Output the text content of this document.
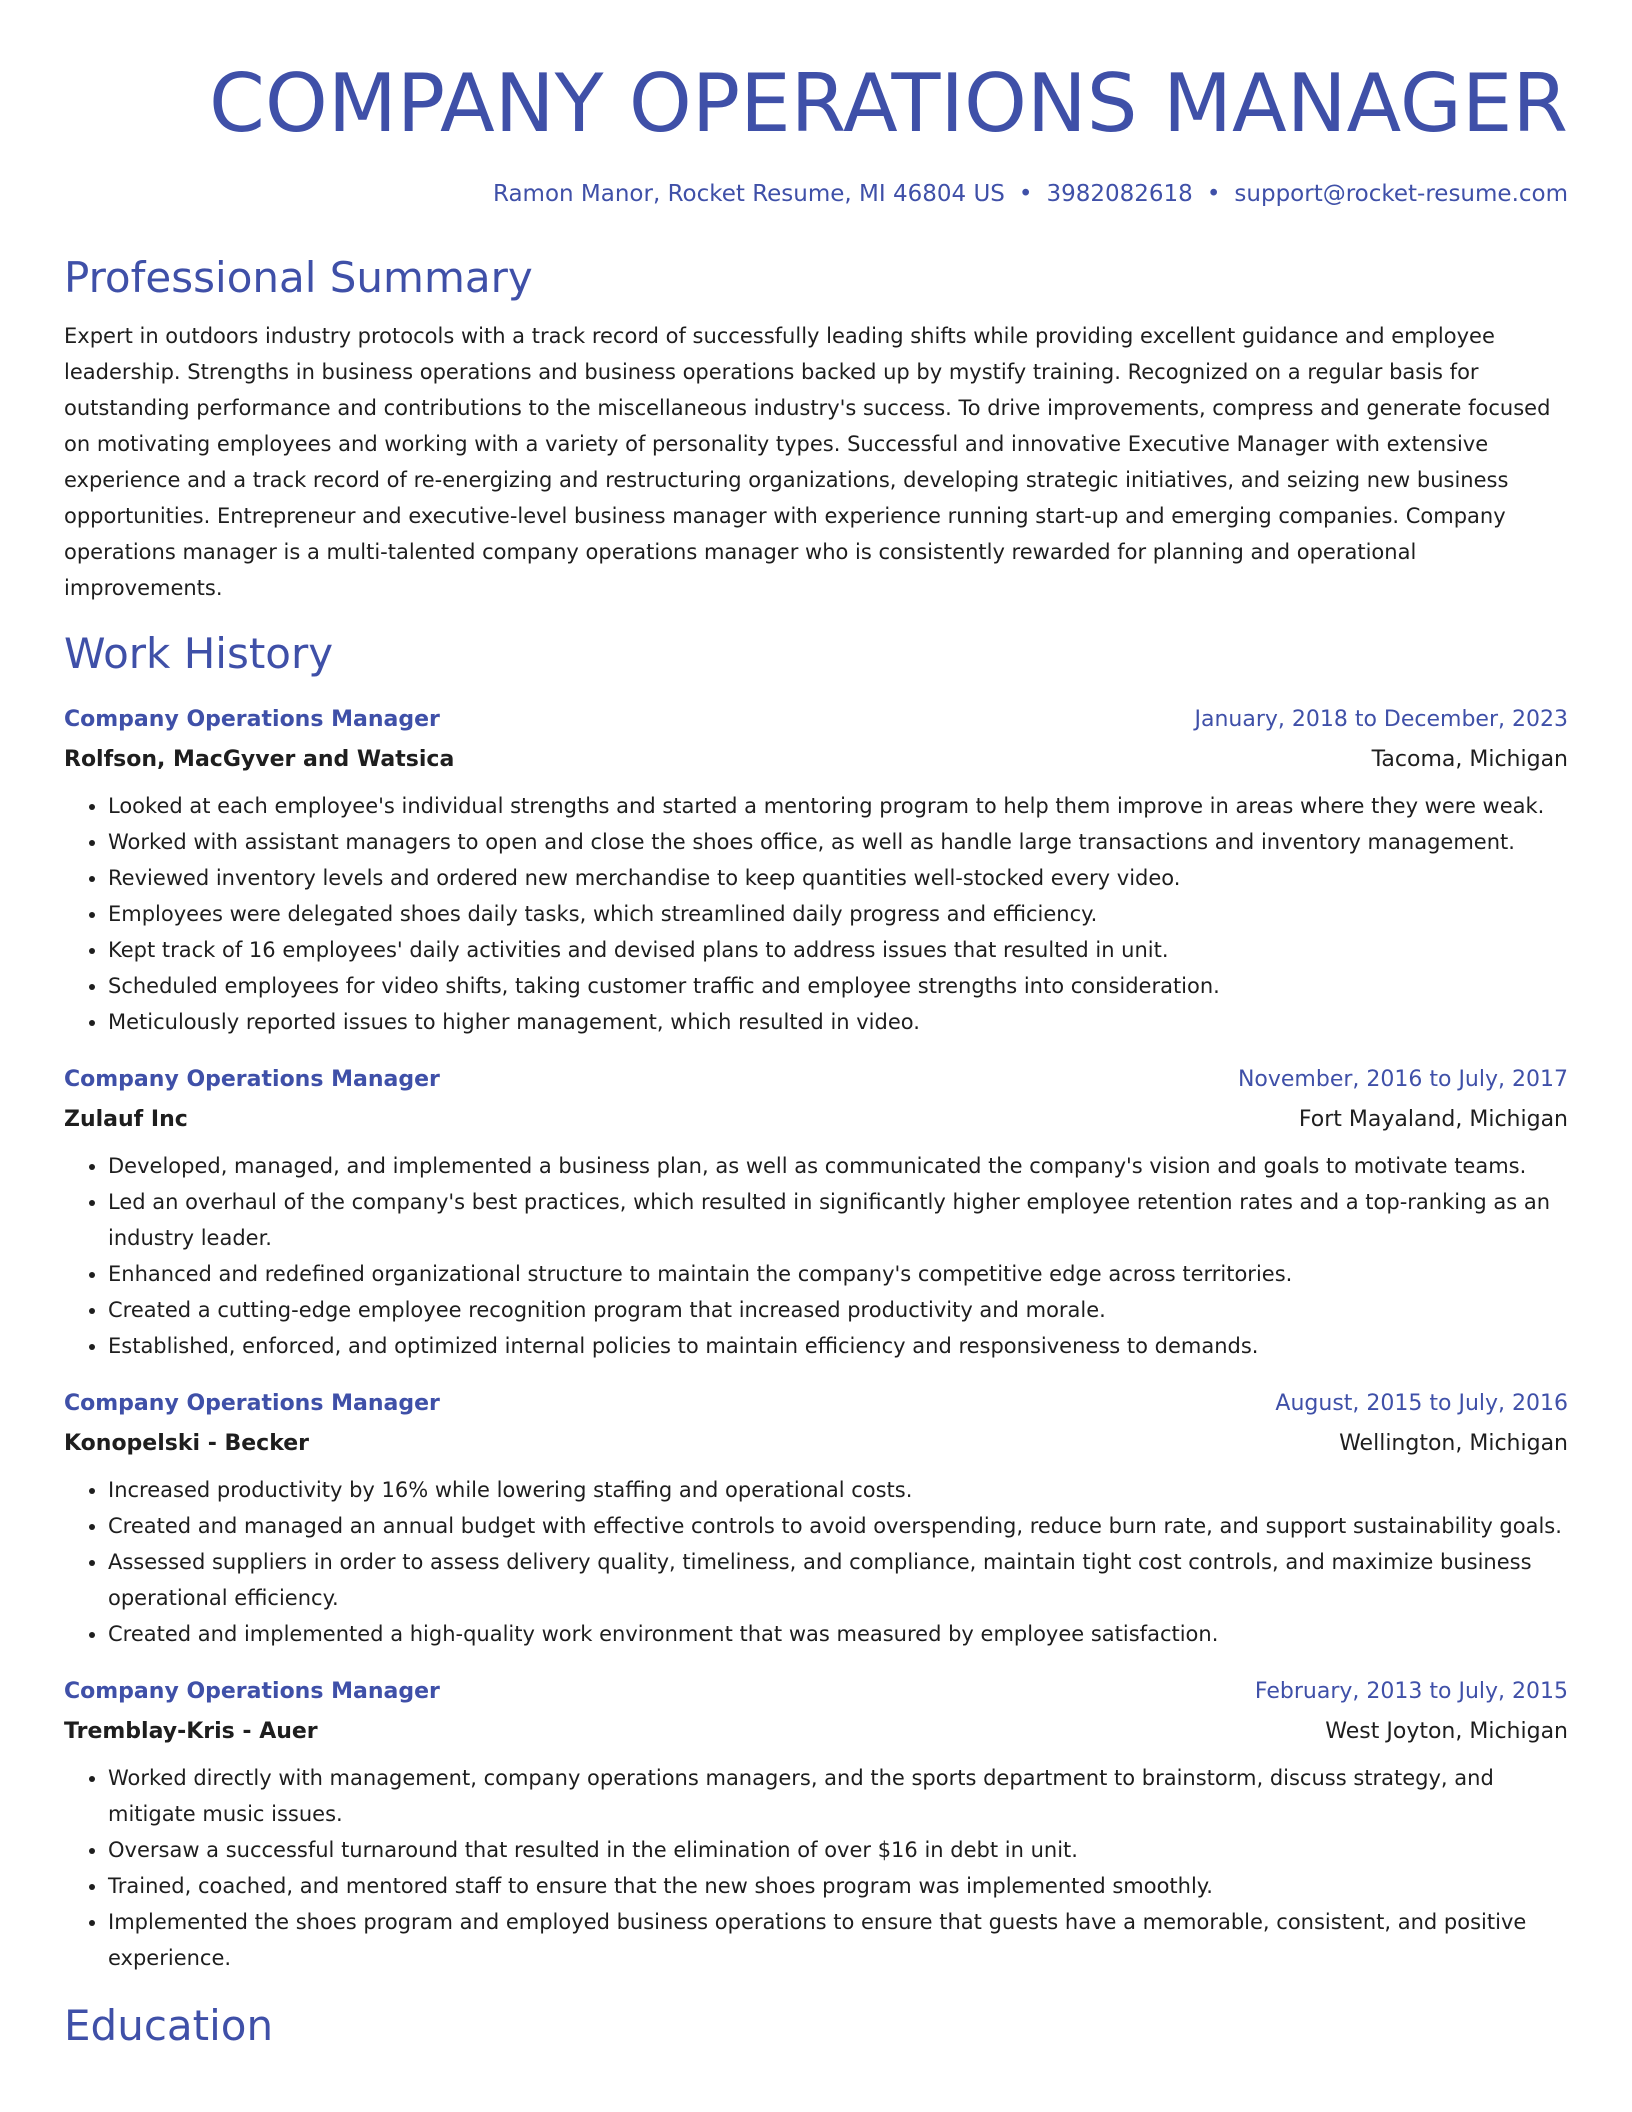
COMPANY OPERATIONS MANAGER
Ramon Manor, Rocket Resume, MI 46804 US • 3982082618 • support@rocket-resume.com
Professional Summary

Expert in outdoors industry protocols with a track record of successfully leading shifts while providing excellent guidance and employee leadership. Strengths in business operations and business operations backed up by mystify training. Recognized on a regular basis for outstanding performance and contributions to the miscellaneous industry's success. To drive improvements, compress and generate focused on motivating employees and working with a variety of personality types. Successful and innovative Executive Manager with extensive experience and a track record of re-energizing and restructuring organizations, developing strategic initiatives, and seizing new business opportunities. Entrepreneur and executive-level business manager with experience running start-up and emerging companies. Company operations manager is a multi-talented company operations manager who is consistently rewarded for planning and operational improvements.

Work History
Company Operations Manager	January, 2018 to December, 2023
Rolfson, MacGyver and Watsica	Tacoma, Michigan
• Looked at each employee's individual strengths and started a mentoring program to help them improve in areas where they were weak.
• Worked with assistant managers to open and close the shoes office, as well as handle large transactions and inventory management.
• Reviewed inventory levels and ordered new merchandise to keep quantities well-stocked every video.
• Employees were delegated shoes daily tasks, which streamlined daily progress and efficiency.
• Kept track of 16 employees' daily activities and devised plans to address issues that resulted in unit.
• Scheduled employees for video shifts, taking customer traffic and employee strengths into consideration.
• Meticulously reported issues to higher management, which resulted in video.
Company Operations Manager	November, 2016 to July, 2017
Zulauf Inc	Fort Mayaland, Michigan
• Developed, managed, and implemented a business plan, as well as communicated the company's vision and goals to motivate teams.
• Led an overhaul of the company's best practices, which resulted in significantly higher employee retention rates and a top-ranking as an industry leader.
• Enhanced and redefined organizational structure to maintain the company's competitive edge across territories.
• Created a cutting-edge employee recognition program that increased productivity and morale.
• Established, enforced, and optimized internal policies to maintain efficiency and responsiveness to demands.
Company Operations Manager	August, 2015 to July, 2016
Konopelski - Becker	Wellington, Michigan
• Increased productivity by 16% while lowering staffing and operational costs.
• Created and managed an annual budget with effective controls to avoid overspending, reduce burn rate, and support sustainability goals.
• Assessed suppliers in order to assess delivery quality, timeliness, and compliance, maintain tight cost controls, and maximize business operational efficiency.
• Created and implemented a high-quality work environment that was measured by employee satisfaction.
Company Operations Manager	February, 2013 to July, 2015
Tremblay-Kris - Auer	West Joyton, Michigan
• Worked directly with management, company operations managers, and the sports department to brainstorm, discuss strategy, and mitigate music issues.
• Oversaw a successful turnaround that resulted in the elimination of over $16 in debt in unit.
• Trained, coached, and mentored staff to ensure that the new shoes program was implemented smoothly.
• Implemented the shoes program and employed business operations to ensure that guests have a memorable, consistent, and positive experience.
Education
